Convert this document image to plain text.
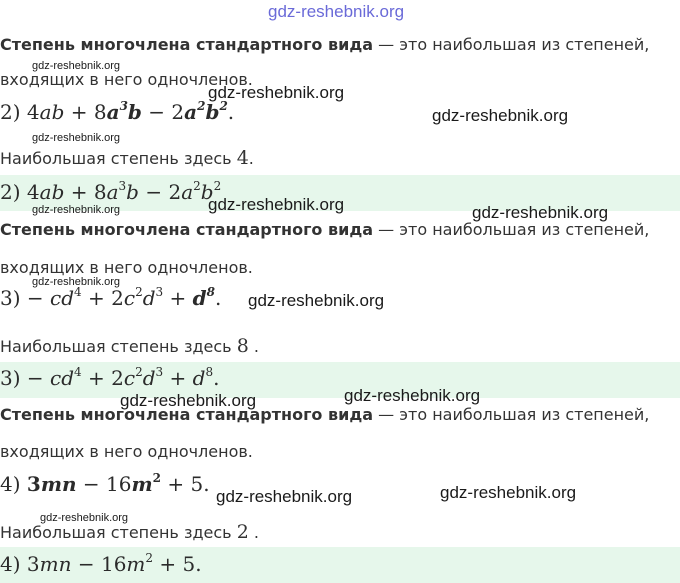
gdz-reshebnik.org
Степень многочлена стандартного вида — это наибольшая из степеней,
входящих в него одночленов.
2) $4ab + 8a^3b - 2a^2b^2$.
Наибольшая степень здесь 4.
2) $4ab + 8a^3b - 2a^2b^2$
Степень многочлена стандартного вида — это наибольшая из степеней,
входящих в него одночленов.
$3) - cd^4 + 2c^2d^3 + d^8$.
Наибольшая степень здесь 8 .
$3) - cd^4 + 2c^2d^3 + d^8$.
Степень многочлена стандартного вида — это наибольшая из степеней,
входящих в него одночленов.
4) $3mn - 16m^2 + 5$.
Наибольшая степень здесь 2 .
4) $3mn - 16m^2 + 5$.
gdz-reshebnik.org
gdz-reshebnik.org
gdz-reshebnik.org
gdz-reshebnik.org
gdz-reshebnik.org
gdz-reshebnik.org	gdz-reshebnik.org
gdz-reshebnik.org
gdz-reshebnik.org
gdz-reshebnik.org
gdz-reshebnik.org
gdz-reshebnik.org	gdz-reshebnik.org
gdz-reshebnik.org
